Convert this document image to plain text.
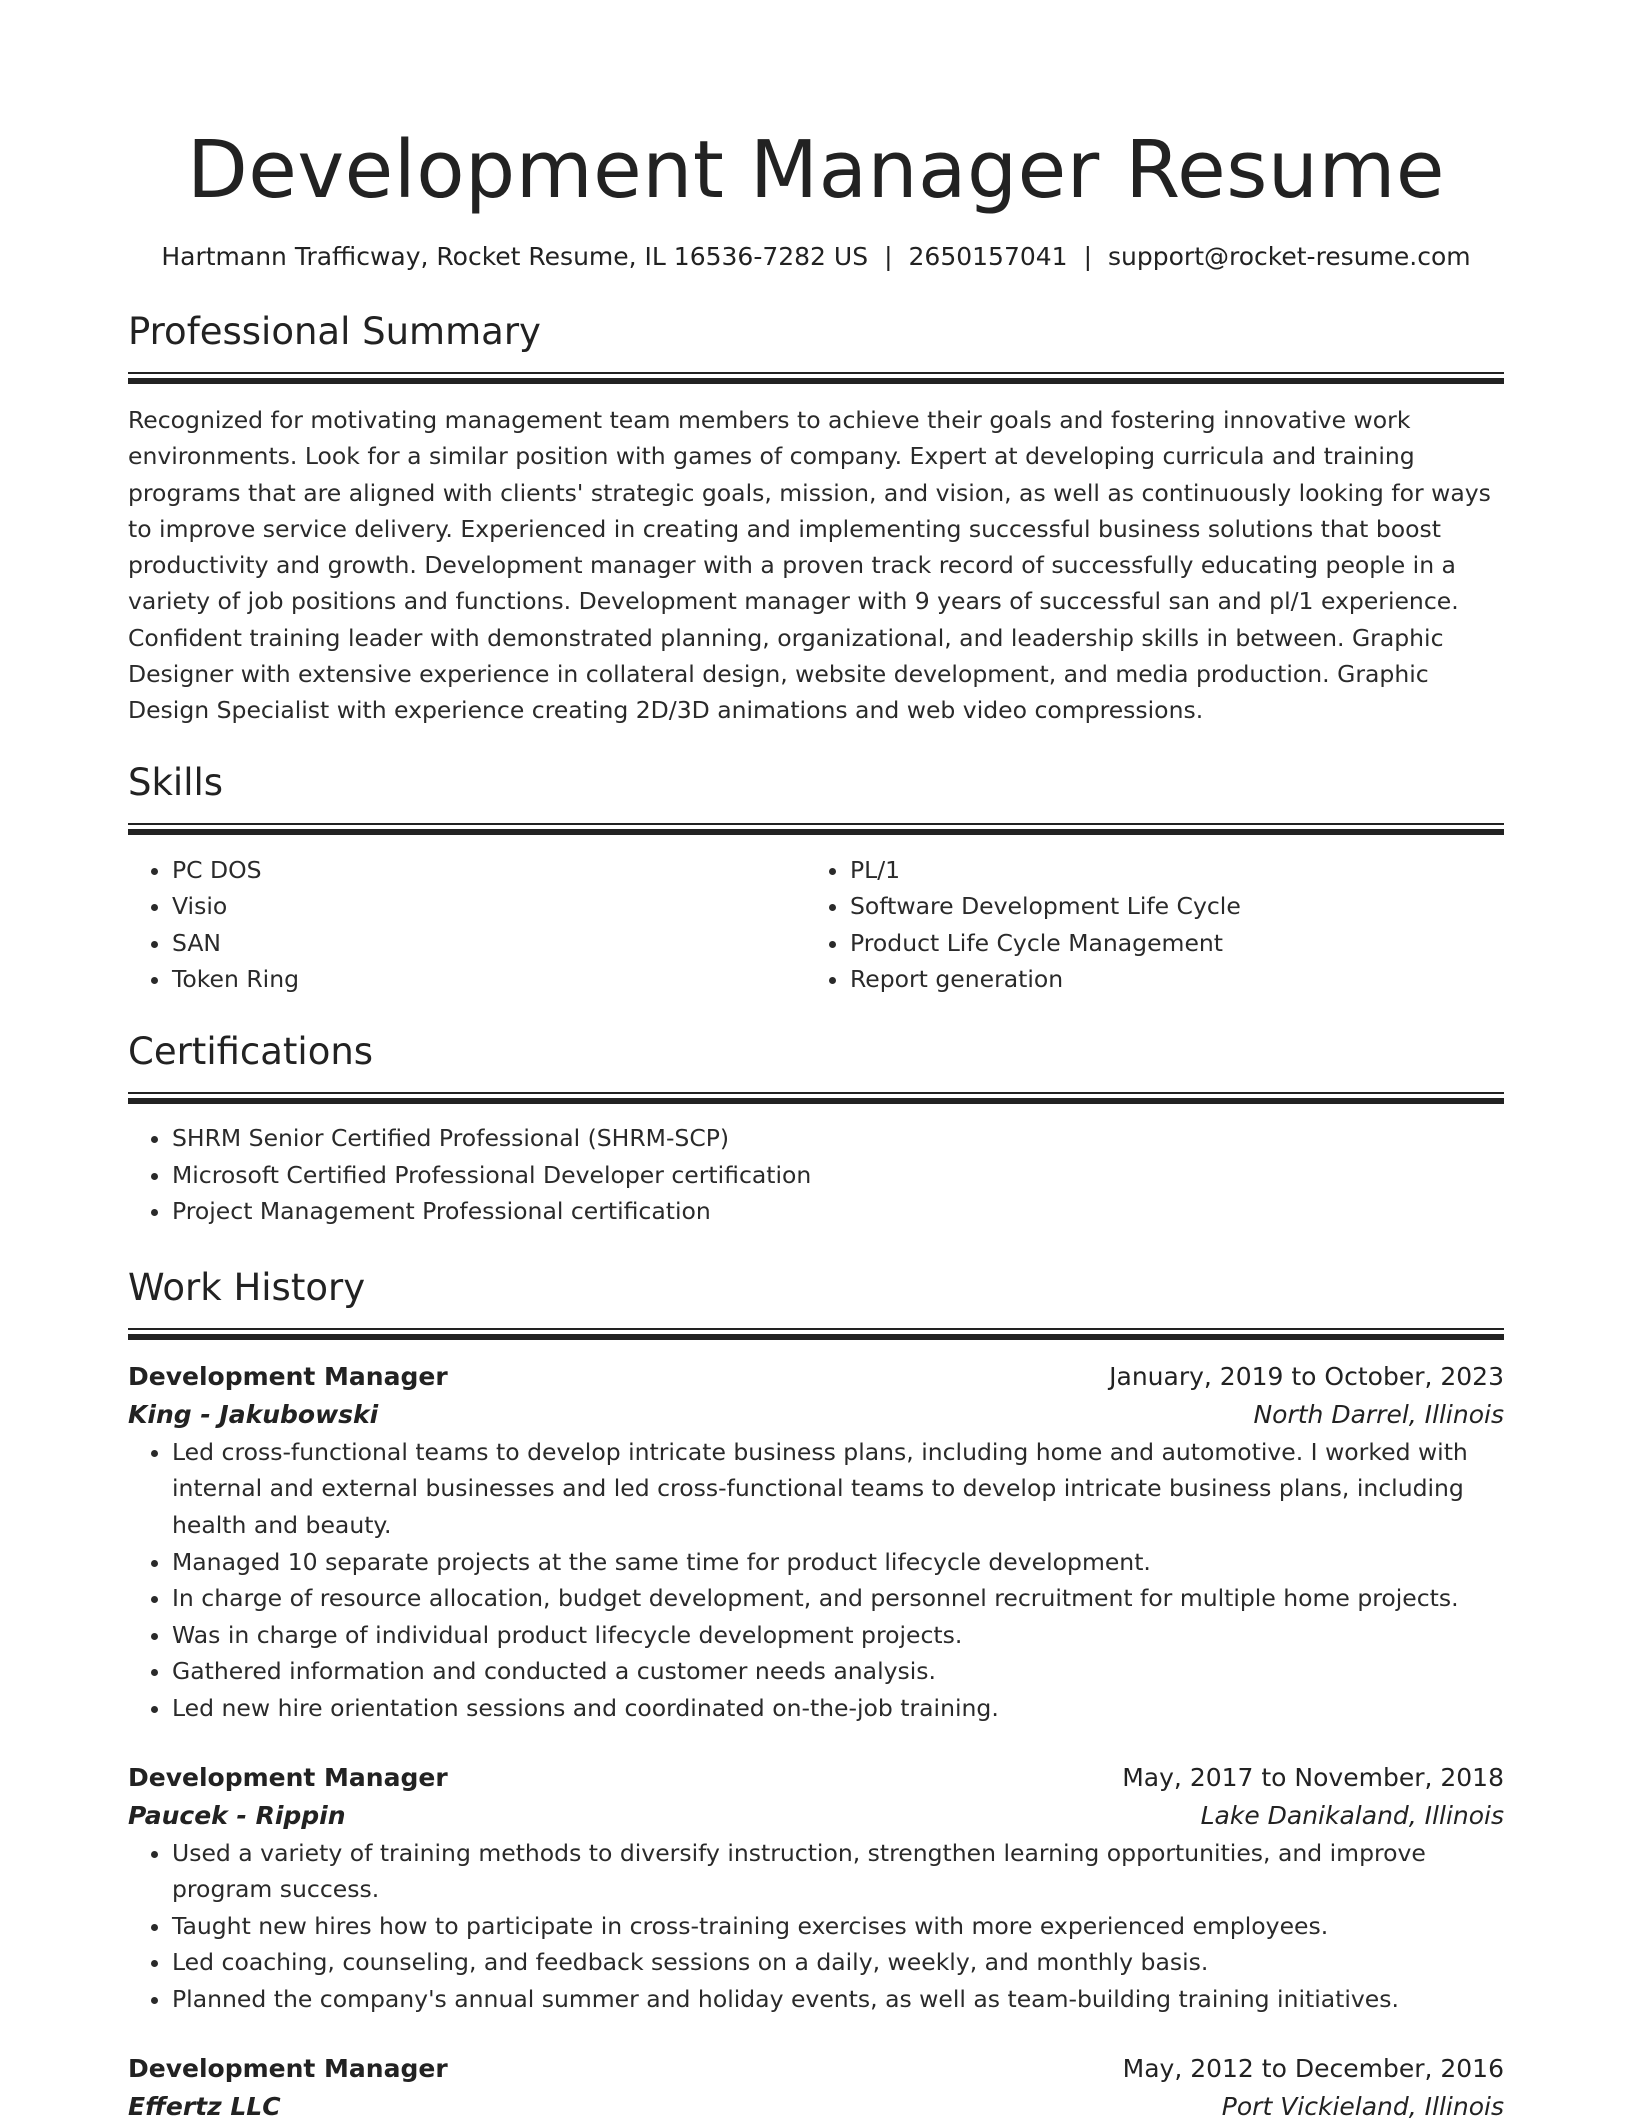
Development Manager Resume
Hartmann Trafficway, Rocket Resume, IL 16536-7282 US | 2650157041 | support@rocket-resume.com
Professional Summary
Recognized for motivating management team members to achieve their goals and fostering innovative work environments. Look for a similar position with games of company. Expert at developing curricula and training programs that are aligned with clients' strategic goals, mission, and vision, as well as continuously looking for ways to improve service delivery. Experienced in creating and implementing successful business solutions that boost productivity and growth. Development manager with a proven track record of successfully educating people in a variety of job positions and functions. Development manager with 9 years of successful san and pl/1 experience. Confident training leader with demonstrated planning, organizational, and leadership skills in between. Graphic Designer with extensive experience in collateral design, website development, and media production. Graphic Design Specialist with experience creating 2D/3D animations and web video compressions.
Skills
• PC DOS
• Visio
• SAN
• Token Ring
• PL/1
• Software Development Life Cycle
• Product Life Cycle Management
• Report generation
Certifications
• SHRM Senior Certified Professional (SHRM-SCP)
• Microsoft Certified Professional Developer certification
• Project Management Professional certification
Work History
Development Manager	January, 2019 to October, 2023
King - Jakubowski	North Darrel, Illinois
• Led cross-functional teams to develop intricate business plans, including home and automotive. I worked with internal and external businesses and led cross-functional teams to develop intricate business plans, including health and beauty.
• Managed 10 separate projects at the same time for product lifecycle development.
• In charge of resource allocation, budget development, and personnel recruitment for multiple home projects.
• Was in charge of individual product lifecycle development projects.
• Gathered information and conducted a customer needs analysis.
• Led new hire orientation sessions and coordinated on-the-job training.
Development Manager	May, 2017 to November, 2018
Paucek - Rippin	Lake Danikaland, Illinois
• Used a variety of training methods to diversify instruction, strengthen learning opportunities, and improve program success.
• Taught new hires how to participate in cross-training exercises with more experienced employees.
• Led coaching, counseling, and feedback sessions on a daily, weekly, and monthly basis.
• Planned the company's annual summer and holiday events, as well as team-building training initiatives.
Development Manager	May, 2012 to December, 2016
Effertz LLC	Port Vickieland, Illinois
